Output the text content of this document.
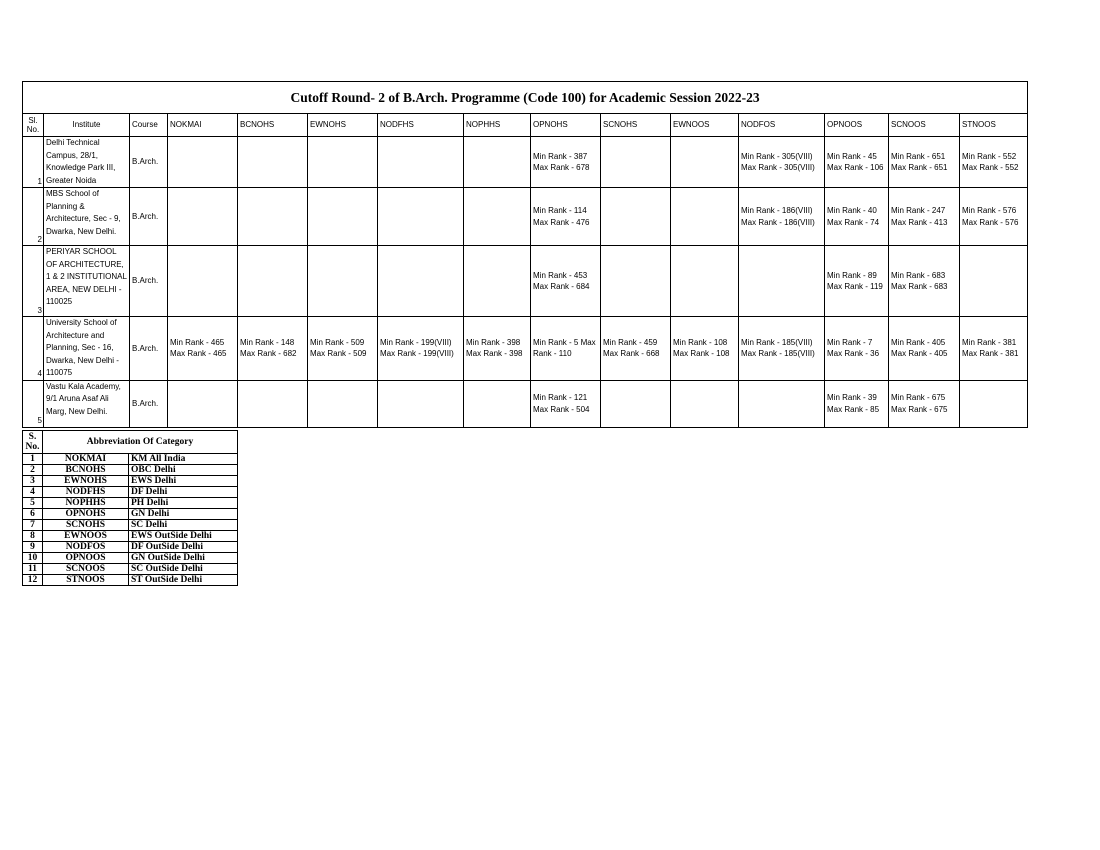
Cutoff Round- 2 of B.Arch. Programme (Code 100) for Academic Session 2022-23														
Sl. No.	Institute	Course	NOKMAI	BCNOHS	EWNOHS	NODFHS	NOPHHS	OPNOHS	SCNOHS	EWNOOS	NODFOS	OPNOOS	SCNOOS	STNOOS
1	Delhi Technical Campus, 28/1, Knowledge Park III, Greater Noida	B.Arch.						Min Rank - 387
Max Rank - 678			Min Rank - 305(VIII)
Max Rank - 305(VIII)	Min Rank - 45
Max Rank - 106	Min Rank - 651
Max Rank - 651	Min Rank - 552
Max Rank - 552

2	MBS School of Planning & Architecture, Sec - 9, Dwarka, New Delhi.	B.Arch.						Min Rank - 114
Max Rank - 476			Min Rank - 186(VIII)
Max Rank - 186(VIII)	Min Rank - 40
Max Rank - 74	Min Rank - 247
Max Rank - 413	Min Rank - 576
Max Rank - 576

3	PERIYAR SCHOOL OF ARCHITECTURE, 1 & 2 INSTITUTIONAL AREA, NEW DELHI - 110025	B.Arch.						Min Rank - 453
Max Rank - 684				Min Rank - 89
Max Rank - 119	Min Rank - 683
Max Rank - 683	

4	University School of Architecture and Planning, Sec - 16, Dwarka, New Delhi - 110075	B.Arch.	Min Rank - 465
Max Rank - 465	Min Rank - 148
Max Rank - 682	Min Rank - 509
Max Rank - 509	Min Rank - 199(VIII)
Max Rank - 199(VIII)	Min Rank - 398
Max Rank - 398	Min Rank - 5 Max
Rank - 110	Min Rank - 459
Max Rank - 668	Min Rank - 108
Max Rank - 108	Min Rank - 185(VIII)
Max Rank - 185(VIII)	Min Rank - 7
Max Rank - 36	Min Rank - 405
Max Rank - 405	Min Rank - 381
Max Rank - 381

5	Vastu Kala Academy, 9/1 Aruna Asaf Ali Marg, New Delhi.	B.Arch.						Min Rank - 121
Max Rank - 504				Min Rank - 39
Max Rank - 85	Min Rank - 675
Max Rank - 675	

S. No.	Abbreviation Of Category	
1	NOKMAI	KM All India
2	BCNOHS	OBC Delhi
3	EWNOHS	EWS Delhi
4	NODFHS	DF Delhi
5	NOPHHS	PH Delhi
6	OPNOHS	GN Delhi
7	SCNOHS	SC Delhi
8	EWNOOS	EWS OutSide Delhi
9	NODFOS	DF OutSide Delhi
10	OPNOOS	GN OutSide Delhi
11	SCNOOS	SC OutSide Delhi
12	STNOOS	ST OutSide Delhi
